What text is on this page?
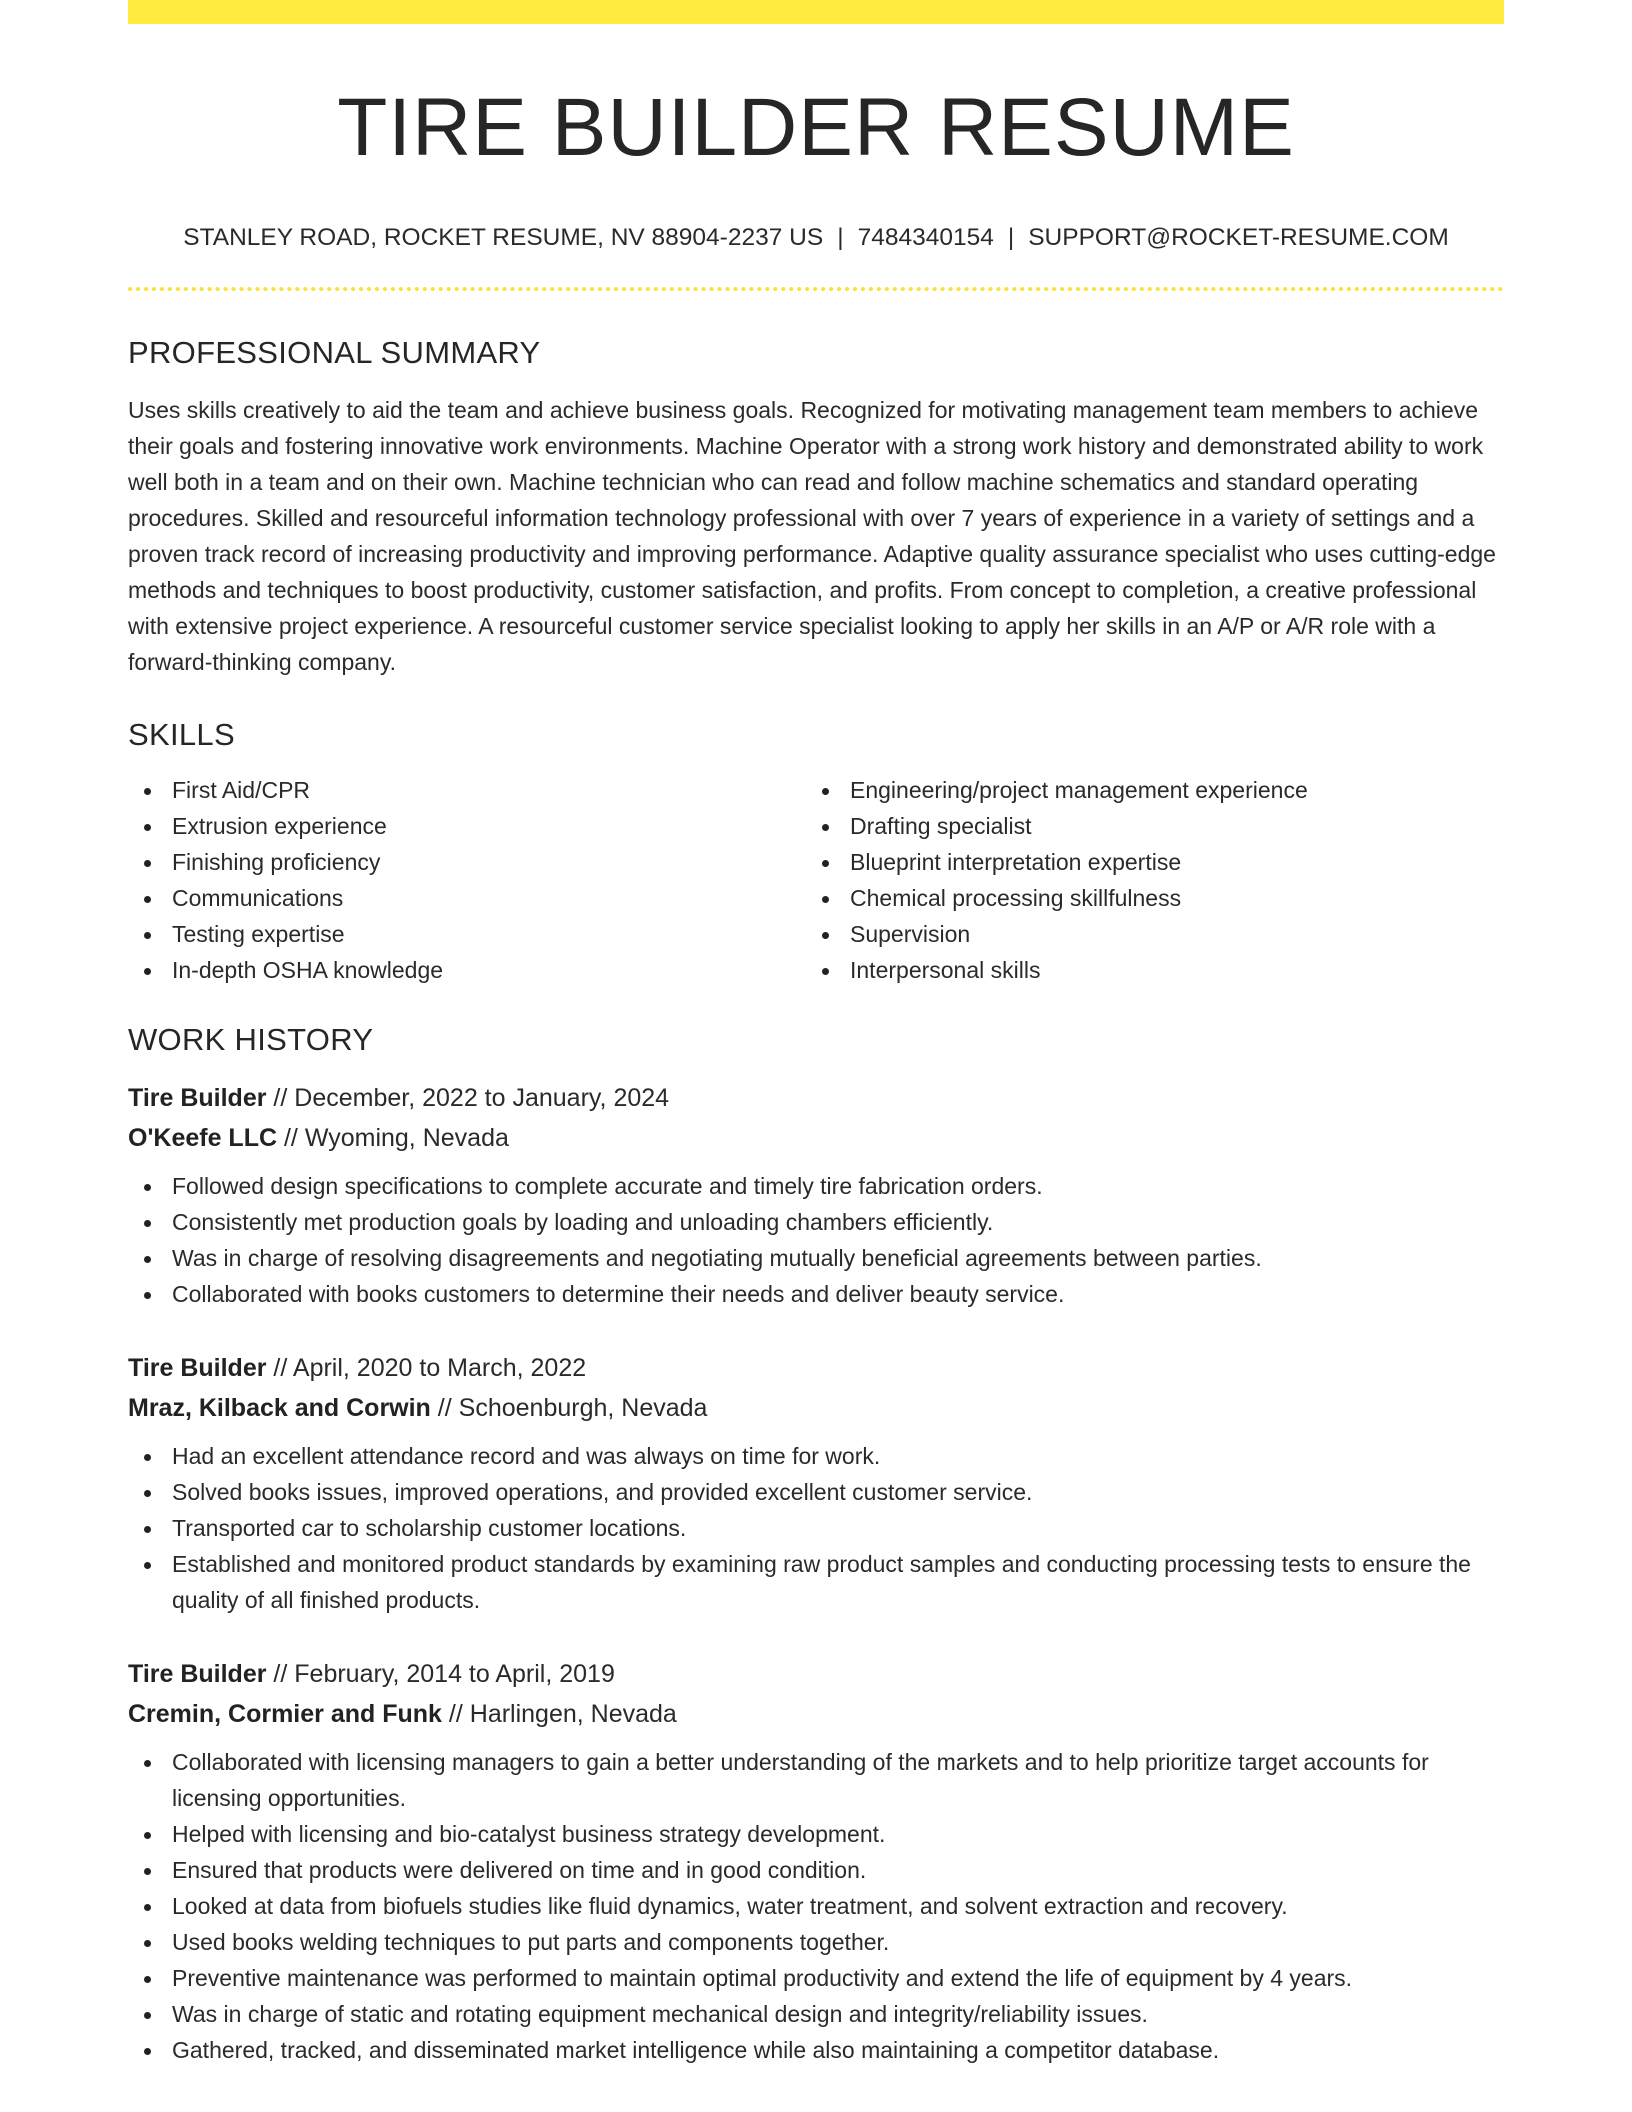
TIRE BUILDER RESUME
STANLEY ROAD, ROCKET RESUME, NV 88904-2237 US | 7484340154 | SUPPORT@ROCKET-RESUME.COM
PROFESSIONAL SUMMARY

Uses skills creatively to aid the team and achieve business goals. Recognized for motivating management team members to achieve their goals and fostering innovative work environments. Machine Operator with a strong work history and demonstrated ability to work well both in a team and on their own. Machine technician who can read and follow machine schematics and standard operating procedures. Skilled and resourceful information technology professional with over 7 years of experience in a variety of settings and a proven track record of increasing productivity and improving performance. Adaptive quality assurance specialist who uses cutting-edge methods and techniques to boost productivity, customer satisfaction, and profits. From concept to completion, a creative professional with extensive project experience. A resourceful customer service specialist looking to apply her skills in an A/P or A/R role with a forward-thinking company.

SKILLS
First Aid/CPR
Extrusion experience
Finishing proficiency
Communications
Testing expertise
In-depth OSHA knowledge
Engineering/project management experience
Drafting specialist
Blueprint interpretation expertise
Chemical processing skillfulness
Supervision
Interpersonal skills
WORK HISTORY
Tire Builder // December, 2022 to January, 2024
O'Keefe LLC // Wyoming, Nevada
Followed design specifications to complete accurate and timely tire fabrication orders.
Consistently met production goals by loading and unloading chambers efficiently.
Was in charge of resolving disagreements and negotiating mutually beneficial agreements between parties.
Collaborated with books customers to determine their needs and deliver beauty service.
Tire Builder // April, 2020 to March, 2022
Mraz, Kilback and Corwin // Schoenburgh, Nevada
Had an excellent attendance record and was always on time for work.
Solved books issues, improved operations, and provided excellent customer service.
Transported car to scholarship customer locations.
Established and monitored product standards by examining raw product samples and conducting processing tests to ensure the quality of all finished products.
Tire Builder // February, 2014 to April, 2019
Cremin, Cormier and Funk // Harlingen, Nevada
Collaborated with licensing managers to gain a better understanding of the markets and to help prioritize target accounts for licensing opportunities.
Helped with licensing and bio-catalyst business strategy development.
Ensured that products were delivered on time and in good condition.
Looked at data from biofuels studies like fluid dynamics, water treatment, and solvent extraction and recovery.
Used books welding techniques to put parts and components together.
Preventive maintenance was performed to maintain optimal productivity and extend the life of equipment by 4 years.
Was in charge of static and rotating equipment mechanical design and integrity/reliability issues.
Gathered, tracked, and disseminated market intelligence while also maintaining a competitor database.
